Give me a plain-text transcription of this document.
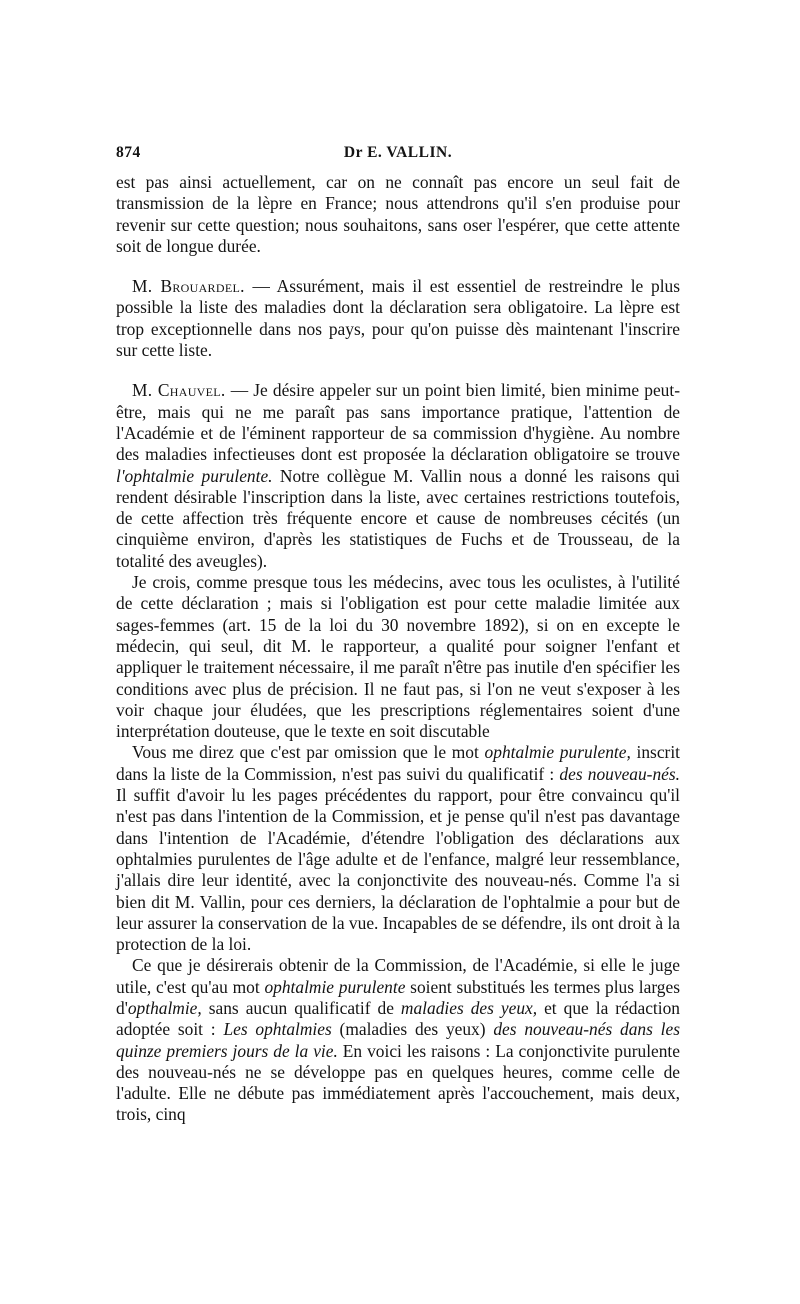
874	Dr E. VALLIN.

est pas ainsi actuellement, car on ne connaît pas encore un seul fait de transmission de la lèpre en France; nous attendrons qu'il s'en produise pour revenir sur cette question; nous souhaitons, sans oser l'espérer, que cette attente soit de longue durée.

M. Brouardel. — Assurément, mais il est essentiel de restreindre le plus possible la liste des maladies dont la déclaration sera obligatoire. La lèpre est trop exceptionnelle dans nos pays, pour qu'on puisse dès maintenant l'inscrire sur cette liste.

M. Chauvel. — Je désire appeler sur un point bien limité, bien minime peut-être, mais qui ne me paraît pas sans importance pratique, l'attention de l'Académie et de l'éminent rapporteur de sa commission d'hygiène. Au nombre des maladies infectieuses dont est proposée la déclaration obligatoire se trouve l'ophtalmie purulente. Notre collègue M. Vallin nous a donné les raisons qui rendent désirable l'inscription dans la liste, avec certaines restrictions toutefois, de cette affection très fréquente encore et cause de nombreuses cécités (un cinquième environ, d'après les statistiques de Fuchs et de Trousseau, de la totalité des aveugles).

Je crois, comme presque tous les médecins, avec tous les oculistes, à l'utilité de cette déclaration ; mais si l'obligation est pour cette maladie limitée aux sages-femmes (art. 15 de la loi du 30 novembre 1892), si on en excepte le médecin, qui seul, dit M. le rapporteur, a qualité pour soigner l'enfant et appliquer le traitement nécessaire, il me paraît n'être pas inutile d'en spécifier les conditions avec plus de précision. Il ne faut pas, si l'on ne veut s'exposer à les voir chaque jour éludées, que les prescriptions réglementaires soient d'une interprétation douteuse, que le texte en soit discutable

Vous me direz que c'est par omission que le mot ophtalmie purulente, inscrit dans la liste de la Commission, n'est pas suivi du qualificatif : des nouveau-nés. Il suffit d'avoir lu les pages précédentes du rapport, pour être convaincu qu'il n'est pas dans l'intention de la Commission, et je pense qu'il n'est pas davantage dans l'intention de l'Académie, d'étendre l'obligation des déclarations aux ophtalmies purulentes de l'âge adulte et de l'enfance, malgré leur ressemblance, j'allais dire leur identité, avec la conjonctivite des nouveau-nés. Comme l'a si bien dit M. Vallin, pour ces derniers, la déclaration de l'ophtalmie a pour but de leur assurer la conservation de la vue. Incapables de se défendre, ils ont droit à la protection de la loi.

Ce que je désirerais obtenir de la Commission, de l'Académie, si elle le juge utile, c'est qu'au mot ophtalmie purulente soient substitués les termes plus larges d'opthalmie, sans aucun qualificatif de maladies des yeux, et que la rédaction adoptée soit : Les ophtalmies (maladies des yeux) des nouveau-nés dans les quinze premiers jours de la vie. En voici les raisons : La conjonctivite purulente des nouveau-nés ne se développe pas en quelques heures, comme celle de l'adulte. Elle ne débute pas immédiatement après l'accouchement, mais deux, trois, cinq
